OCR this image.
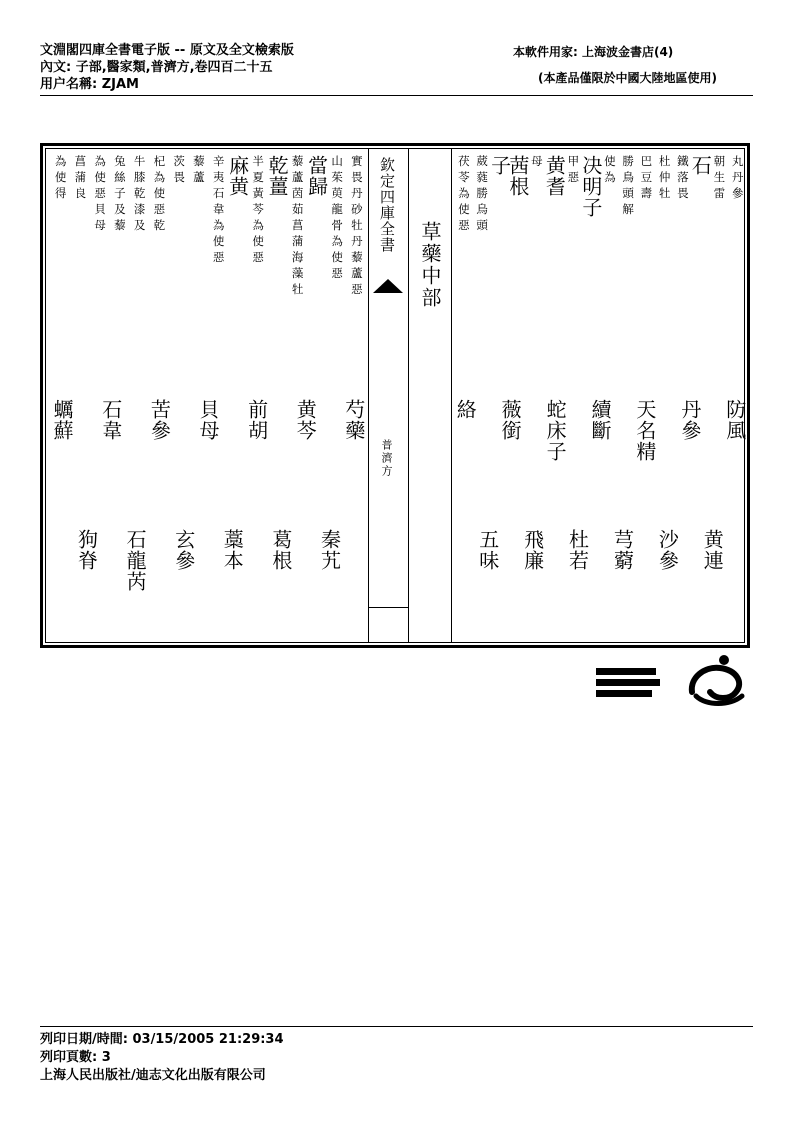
文淵閣四庫全書電子版 -- 原文及全文檢索版
內文: 子部,醫家類,普濟方,卷四百二十五
用户名稱: ZJAM
本軟件用家: 上海波金書店(4)
(本產品僅限於中國大陸地區使用)
欽定四庫全書
普濟方
草藥中部
丸丹參
朝生雷
石
鐵落畏
杜仲牡
巴豆壽
勝鳥頭解
使為
决明子
甲惡
黄耆
母
茜根
子
葳蕤勝烏頭
茯苓為使惡
實畏丹砂牡丹藜蘆惡
山茱萸龍骨為使惡
當歸
藜蘆茵茹菖蒲海藻牡
乾薑
半夏黃芩為使惡
麻黄
辛夷石韋為使惡
藜蘆
茨畏
杞為使惡乾
牛膝乾漆及
兔絲子及藜
為使惡貝母
菖蒲良
為使得
防風
黄連
丹參
沙參
天名精
芎藭
續斷
杜若
蛇床子
飛廉
薇銜
五味
絡
芍藥
秦艽
黄芩
葛根
前胡
藁本
貝母
玄參
苦參
石龍芮
石韋
狗脊
蠣蘚
列印日期/時間: 03/15/2005 21:29:34
列印頁數: 3
上海人民出版社/迪志文化出版有限公司
